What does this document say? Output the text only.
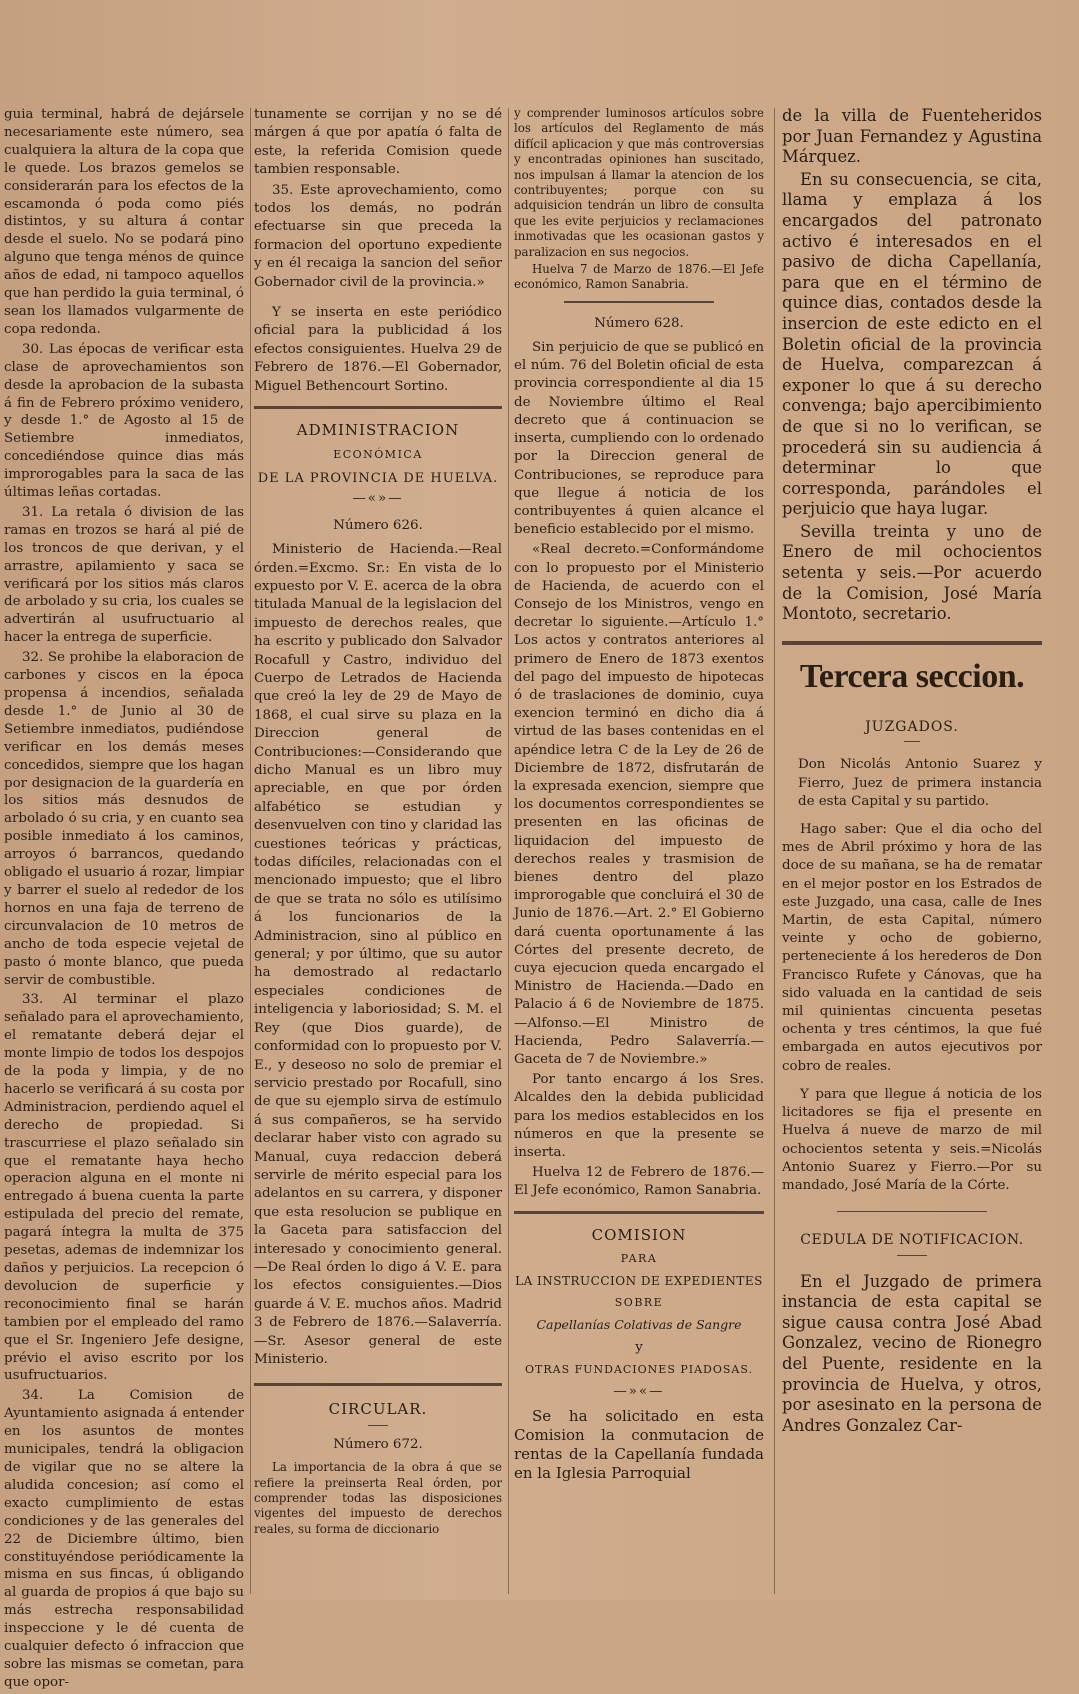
guia terminal, habrá de dejársele necesariamente este número, sea cualquiera la altura de la copa que le quede. Los brazos gemelos se considerarán para los efectos de la escamonda ó poda como piés distintos, y su altura á contar desde el suelo. No se podará pino alguno que tenga ménos de quince años de edad, ni tampoco aquellos que han perdido la guia terminal, ó sean los llamados vulgarmente de copa redonda.

30. Las épocas de verificar esta clase de aprovechamientos son desde la aprobacion de la subasta á fin de Febrero próximo venidero, y desde 1.° de Agosto al 15 de Setiembre inmediatos, concediéndose quince dias más improrogables para la saca de las últimas leñas cortadas.

31. La retala ó division de las ramas en trozos se hará al pié de los troncos de que derivan, y el arrastre, apilamiento y saca se verificará por los sitios más claros de arbolado y su cria, los cuales se advertirán al usufructuario al hacer la entrega de superficie.

32. Se prohibe la elaboracion de carbones y ciscos en la época propensa á incendios, señalada desde 1.° de Junio al 30 de Setiembre inmediatos, pudiéndose verificar en los demás meses concedidos, siempre que los hagan por designacion de la guardería en los sitios más desnudos de arbolado ó su cria, y en cuanto sea posible inmediato á los caminos, arroyos ó barrancos, quedando obligado el usuario á rozar, limpiar y barrer el suelo al rededor de los hornos en una faja de terreno de circunvalacion de 10 metros de ancho de toda especie vejetal de pasto ó monte blanco, que pueda servir de combustible.

33. Al terminar el plazo señalado para el aprovechamiento, el rematante deberá dejar el monte limpio de todos los despojos de la poda y limpia, y de no hacerlo se verificará á su costa por Administracion, perdiendo aquel el derecho de propiedad. Si trascurriese el plazo señalado sin que el rematante haya hecho operacion alguna en el monte ni entregado á buena cuenta la parte estipulada del precio del remate, pagará íntegra la multa de 375 pesetas, ademas de indemnizar los daños y perjuicios. La recepcion ó devolucion de superficie y reconocimiento final se harán tambien por el empleado del ramo que el Sr. Ingeniero Jefe designe, prévio el aviso escrito por los usufructuarios.

34. La Comision de Ayuntamiento asignada á entender en los asuntos de montes municipales, tendrá la obligacion de vigilar que no se altere la aludida concesion; así como el exacto cumplimiento de estas condiciones y de las generales del 22 de Diciembre último, bien constituyéndose periódicamente la misma en sus fincas, ú obligando al guarda de propios á que bajo su más estrecha responsabilidad inspeccione y le dé cuenta de cualquier defecto ó infraccion que sobre las mismas se cometan, para que opor-

tunamente se corrijan y no se dé márgen á que por apatía ó falta de este, la referida Comision quede tambien responsable.

35. Este aprovechamiento, como todos los demás, no podrán efectuarse sin que preceda la formacion del oportuno expediente y en él recaiga la sancion del señor Gobernador civil de la provincia.»

Y se inserta en este periódico oficial para la publicidad á los efectos consiguientes. Huelva 29 de Febrero de 1876.—El Gobernador, Miguel Bethencourt Sortino.

ADMINISTRACION
ECONÓMICA
DE LA PROVINCIA DE HUELVA.
—«»—
Número 626.

Ministerio de Hacienda.—Real órden.=Excmo. Sr.: En vista de lo expuesto por V. E. acerca de la obra titulada Manual de la legislacion del impuesto de derechos reales, que ha escrito y publicado don Salvador Rocafull y Castro, individuo del Cuerpo de Letrados de Hacienda que creó la ley de 29 de Mayo de 1868, el cual sirve su plaza en la Direccion general de Contribuciones:—Considerando que dicho Manual es un libro muy apreciable, en que por órden alfabético se estudian y desenvuelven con tino y claridad las cuestiones teóricas y prácticas, todas difíciles, relacionadas con el mencionado impuesto; que el libro de que se trata no sólo es utilísimo á los funcionarios de la Administracion, sino al público en general; y por último, que su autor ha demostrado al redactarlo especiales condiciones de inteligencia y laboriosidad; S. M. el Rey (que Dios guarde), de conformidad con lo propuesto por V. E., y deseoso no solo de premiar el servicio prestado por Rocafull, sino de que su ejemplo sirva de estímulo á sus compañeros, se ha servido declarar haber visto con agrado su Manual, cuya redaccion deberá servirle de mérito especial para los adelantos en su carrera, y disponer que esta resolucion se publique en la Gaceta para satisfaccion del interesado y conocimiento general.—De Real órden lo digo á V. E. para los efectos consiguientes.—Dios guarde á V. E. muchos años. Madrid 3 de Febrero de 1876.—Salaverría.—Sr. Asesor general de este Ministerio.

CIRCULAR.
Número 672.

La importancia de la obra á que se refiere la preinserta Real órden, por comprender todas las disposiciones vigentes del impuesto de derechos reales, su forma de diccionario

y comprender luminosos artículos sobre los artículos del Reglamento de más difícil aplicacion y que más controversias y encontradas opiniones han suscitado, nos impulsan á llamar la atencion de los contribuyentes; porque con su adquisicion tendrán un libro de consulta que les evite perjuicios y reclamaciones inmotivadas que les ocasionan gastos y paralizacion en sus negocios.

Huelva 7 de Marzo de 1876.—El Jefe económico, Ramon Sanabria.

Número 628.

Sin perjuicio de que se publicó en el núm. 76 del Boletin oficial de esta provincia correspondiente al dia 15 de Noviembre último el Real decreto que á continuacion se inserta, cumpliendo con lo ordenado por la Direccion general de Contribuciones, se reproduce para que llegue á noticia de los contribuyentes á quien alcance el beneficio establecido por el mismo.

«Real decreto.=Conformándome con lo propuesto por el Ministerio de Hacienda, de acuerdo con el Consejo de los Ministros, vengo en decretar lo siguiente.—Artículo 1.° Los actos y contratos anteriores al primero de Enero de 1873 exentos del pago del impuesto de hipotecas ó de traslaciones de dominio, cuya exencion terminó en dicho dia á virtud de las bases contenidas en el apéndice letra C de la Ley de 26 de Diciembre de 1872, disfrutarán de la expresada exencion, siempre que los documentos correspondientes se presenten en las oficinas de liquidacion del impuesto de derechos reales y trasmision de bienes dentro del plazo improrogable que concluirá el 30 de Junio de 1876.—Art. 2.° El Gobierno dará cuenta oportunamente á las Córtes del presente decreto, de cuya ejecucion queda encargado el Ministro de Hacienda.—Dado en Palacio á 6 de Noviembre de 1875.—Alfonso.—El Ministro de Hacienda, Pedro Salaverría.—Gaceta de 7 de Noviembre.»

Por tanto encargo á los Sres. Alcaldes den la debida publicidad para los medios establecidos en los números en que la presente se inserta.

Huelva 12 de Febrero de 1876.—El Jefe económico, Ramon Sanabria.

COMISION
PARA
LA INSTRUCCION DE EXPEDIENTES
SOBRE
Capellanías Colativas de Sangre
y
OTRAS FUNDACIONES PIADOSAS.
—»«—

Se ha solicitado en esta Comision la conmutacion de rentas de la Capellanía fundada en la Iglesia Parroquial

de la villa de Fuenteheridos por Juan Fernandez y Agustina Márquez.

En su consecuencia, se cita, llama y emplaza á los encargados del patronato activo é interesados en el pasivo de dicha Capellanía, para que en el término de quince dias, contados desde la insercion de este edicto en el Boletin oficial de la provincia de Huelva, comparezcan á exponer lo que á su derecho convenga; bajo apercibimiento de que si no lo verifican, se procederá sin su audiencia á determinar lo que corresponda, parándoles el perjuicio que haya lugar.

Sevilla treinta y uno de Enero de mil ochocientos setenta y seis.—Por acuerdo de la Comision, José María Montoto, secretario.

Tercera seccion.
JUZGADOS.

Don Nicolás Antonio Suarez y Fierro, Juez de primera instancia de esta Capital y su partido.

Hago saber: Que el dia ocho del mes de Abril próximo y hora de las doce de su mañana, se ha de rematar en el mejor postor en los Estrados de este Juzgado, una casa, calle de Ines Martin, de esta Capital, número veinte y ocho de gobierno, perteneciente á los herederos de Don Francisco Rufete y Cánovas, que ha sido valuada en la cantidad de seis mil quinientas cincuenta pesetas ochenta y tres céntimos, la que fué embargada en autos ejecutivos por cobro de reales.

Y para que llegue á noticia de los licitadores se fija el presente en Huelva á nueve de marzo de mil ochocientos setenta y seis.=Nicolás Antonio Suarez y Fierro.—Por su mandado, José María de la Córte.

CEDULA DE NOTIFICACION.

En el Juzgado de primera instancia de esta capital se sigue causa contra José Abad Gonzalez, vecino de Rionegro del Puente, residente en la provincia de Huelva, y otros, por asesinato en la persona de Andres Gonzalez Car-
